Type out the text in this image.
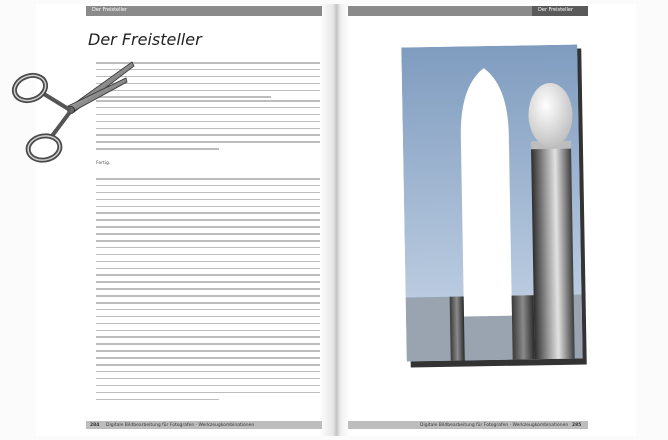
Der Freisteller	Der Freisteller
Der Freisteller
Fertig.
284 Digitale Bildbearbeitung für Fotografen · Werkzeugkombinationen	Digitale Bildbearbeitung für Fotografen · Werkzeugkombinationen 285
